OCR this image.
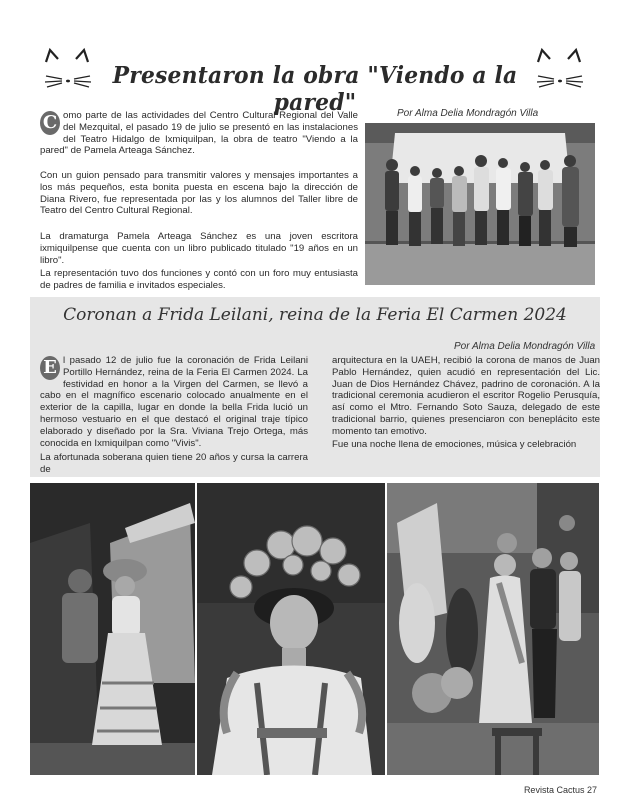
Presentaron la obra "Viendo a la pared"	Por Alma Delia Mondragón Villa
C omo parte de las actividades del Centro Cultural Regional del Valle del Mezquital, el pasado 19 de julio se presentó en las instalaciones del Teatro Hidalgo de Ixmiquilpan, la obra de teatro "Viendo a la pared" de Pamela Arteaga Sánchez.

Con un guion pensado para transmitir valores y mensajes importantes a los más pequeños, esta bonita puesta en escena bajo la dirección de Diana Rivero, fue representada por las y los alumnos del Taller libre de Teatro del Centro Cultural Regional.

La dramaturga Pamela Arteaga Sánchez es una joven escritora ixmiquilpense que cuenta con un libro publicado titulado "19 años en un libro".

La representación tuvo dos funciones y contó con un foro muy entusiasta de padres de familia e invitados especiales.

Coronan a Frida Leilani, reina de la Feria El Carmen 2024
Por Alma Delia Mondragón Villa
E l pasado 12 de julio fue la coronación de Frida Leilani Portillo Hernández, reina de la Feria El Carmen 2024. La festividad en honor a la Virgen del Carmen, se llevó a cabo en el magnífico escenario colocado anualmente en el exterior de la capilla, lugar en donde la bella Frida lució un hermoso vestuario en el que destacó el original traje típico elaborado y diseñado por la Sra. Viviana Trejo Ortega, más conocida en Ixmiquilpan como "Vivis".

La afortunada soberana quien tiene 20 años y cursa la carrera de

arquitectura en la UAEH, recibió la corona de manos de Juan Pablo Hernández, quien acudió en representación del Lic. Juan de Dios Hernández Chávez, padrino de coronación. A la tradicional ceremonia acudieron el escritor Rogelio Perusquía, así como el Mtro. Fernando Soto Sauza, delegado de este tradicional barrio, quienes presenciaron con beneplácito este momento tan emotivo.

Fue una noche llena de emociones, música y celebración

Revista Cactus 27
